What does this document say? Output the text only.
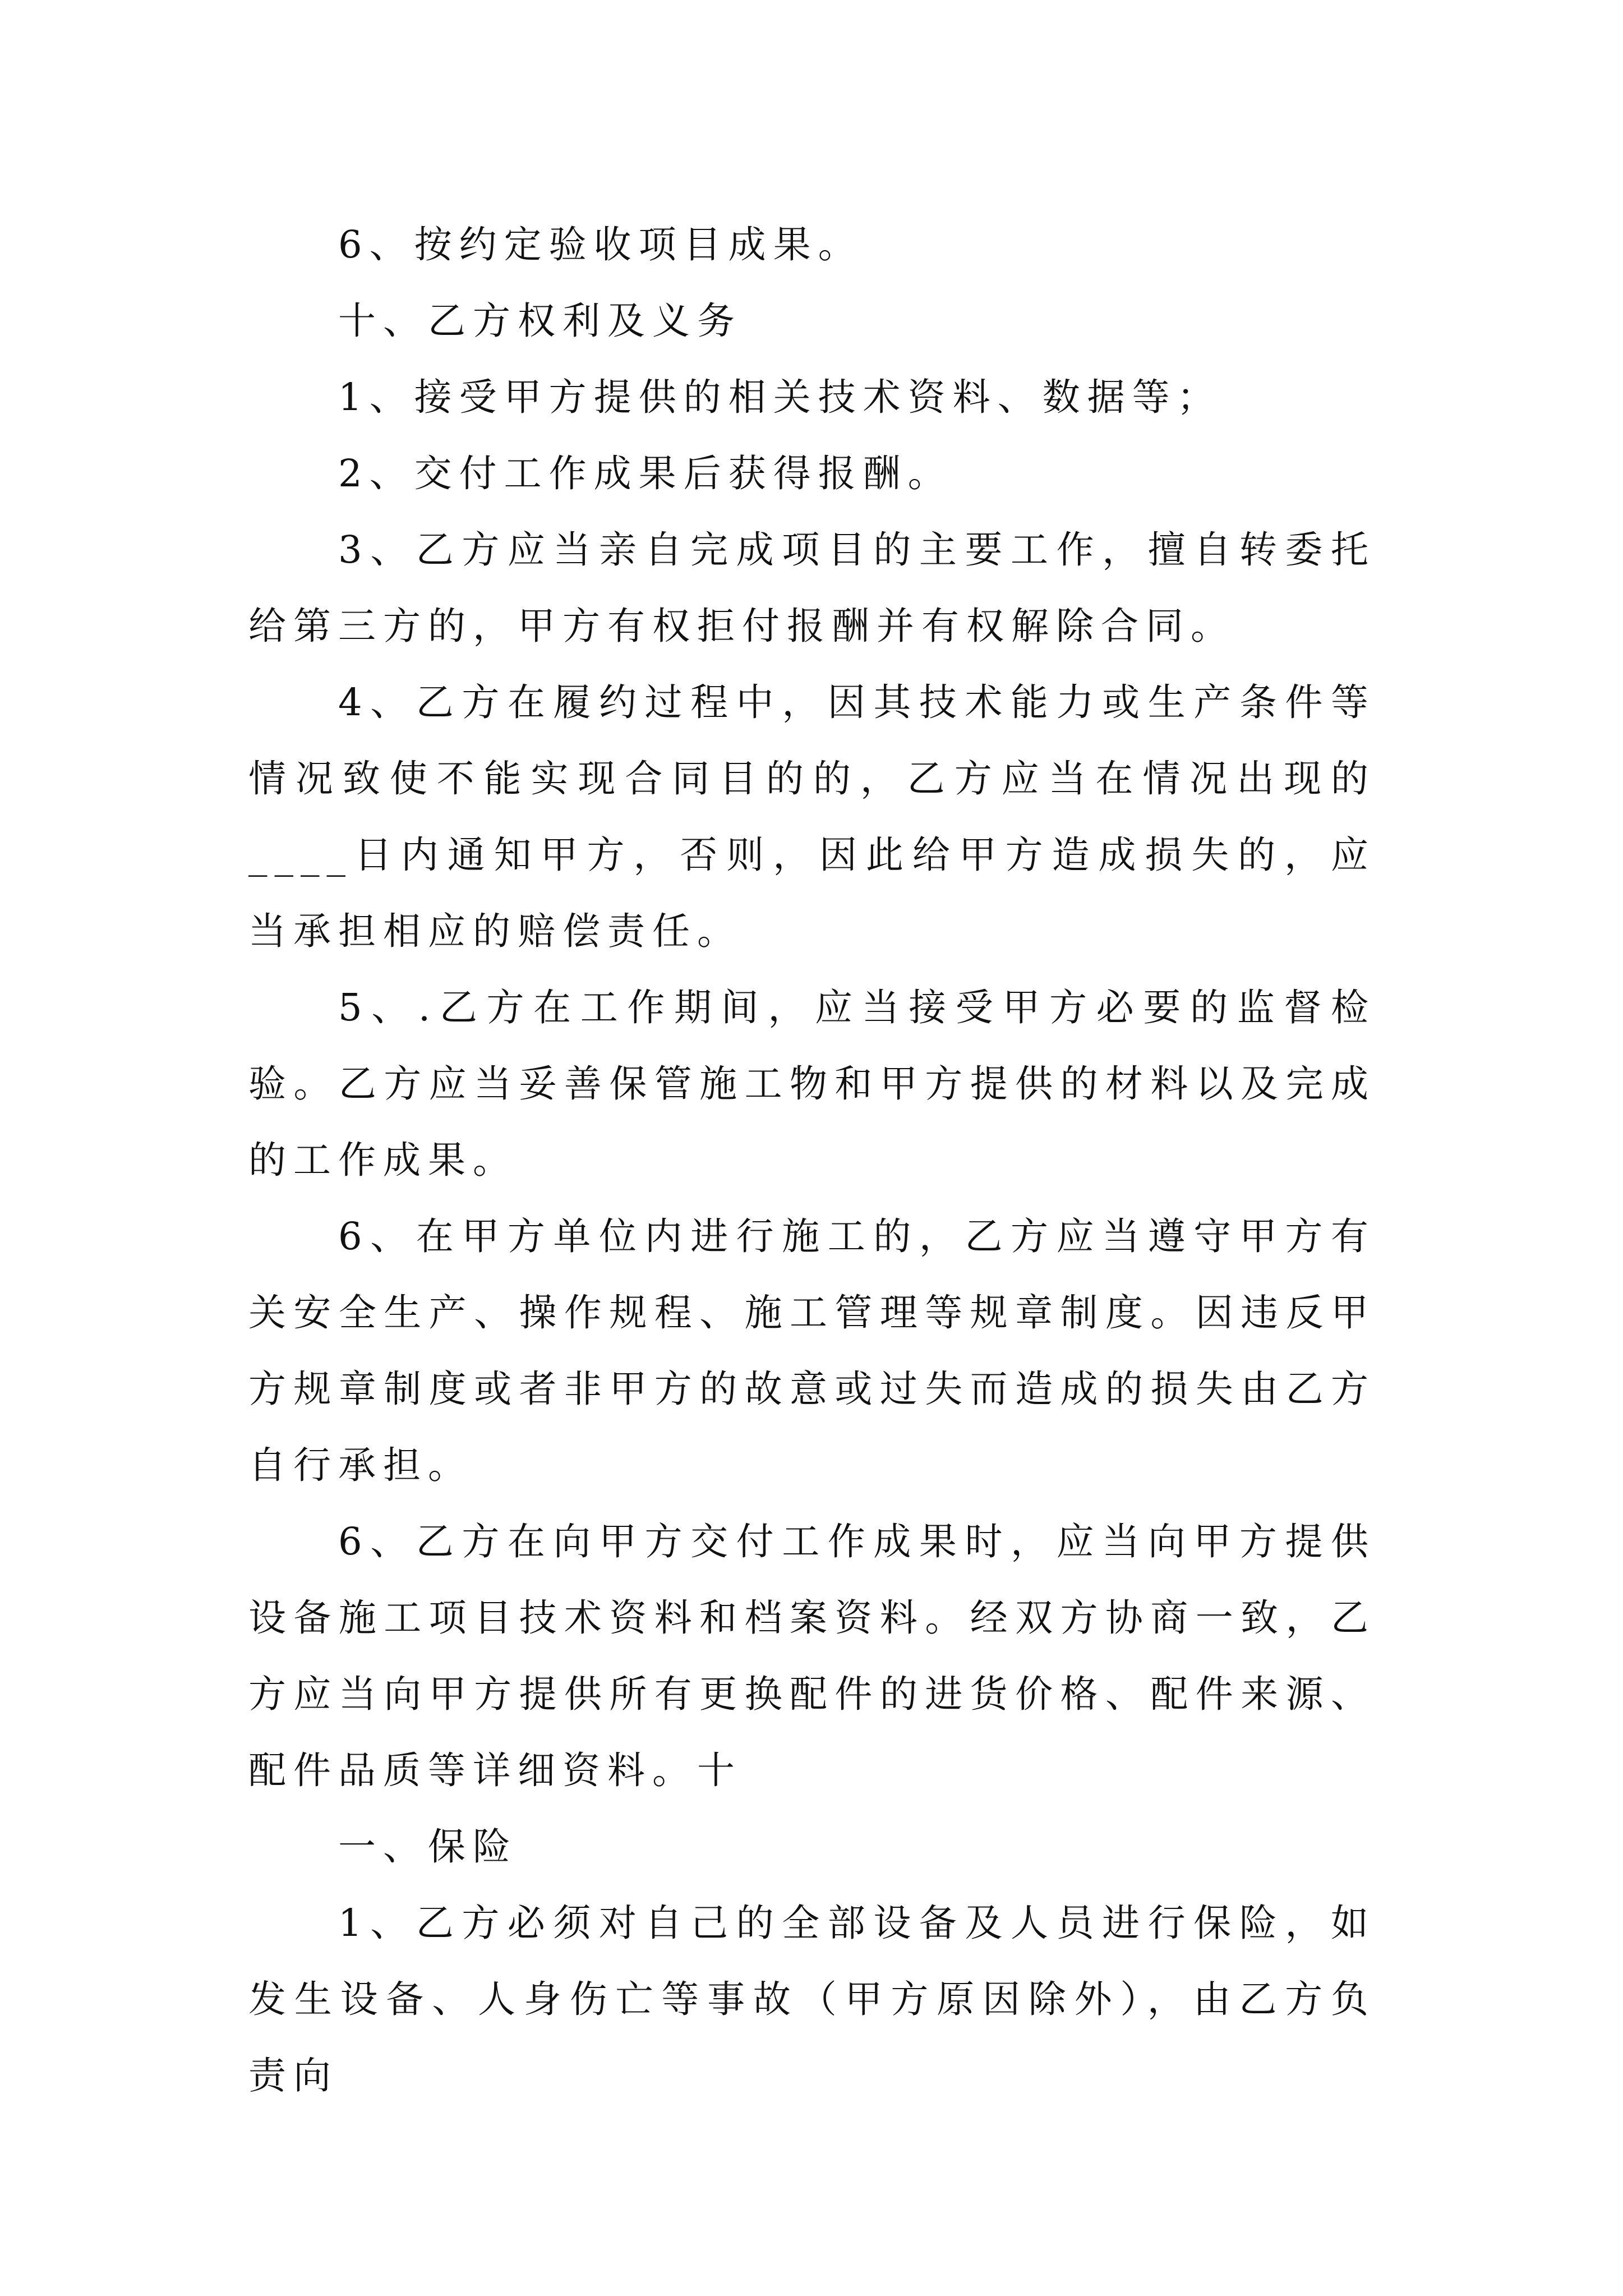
6、按约定验收项目成果。

十、乙方权利及义务

1、接受甲方提供的相关技术资料、数据等；

2、交付工作成果后获得报酬。

3、乙方应当亲自完成项目的主要工作，擅自转委托给第三方的，甲方有权拒付报酬并有权解除合同。

4、乙方在履约过程中，因其技术能力或生产条件等情况致使不能实现合同目的的，乙方应当在情况出现的____日内通知甲方，否则，因此给甲方造成损失的，应当承担相应的赔偿责任。

5、.乙方在工作期间，应当接受甲方必要的监督检验。乙方应当妥善保管施工物和甲方提供的材料以及完成的工作成果。

6、在甲方单位内进行施工的，乙方应当遵守甲方有关安全生产、操作规程、施工管理等规章制度。因违反甲方规章制度或者非甲方的故意或过失而造成的损失由乙方自行承担。

6、乙方在向甲方交付工作成果时，应当向甲方提供设备施工项目技术资料和档案资料。经双方协商一致，乙方应当向甲方提供所有更换配件的进货价格、配件来源、配件品质等详细资料。十

一、保险

1、乙方必须对自己的全部设备及人员进行保险，如发生设备、人身伤亡等事故（甲方原因除外），由乙方负责向
